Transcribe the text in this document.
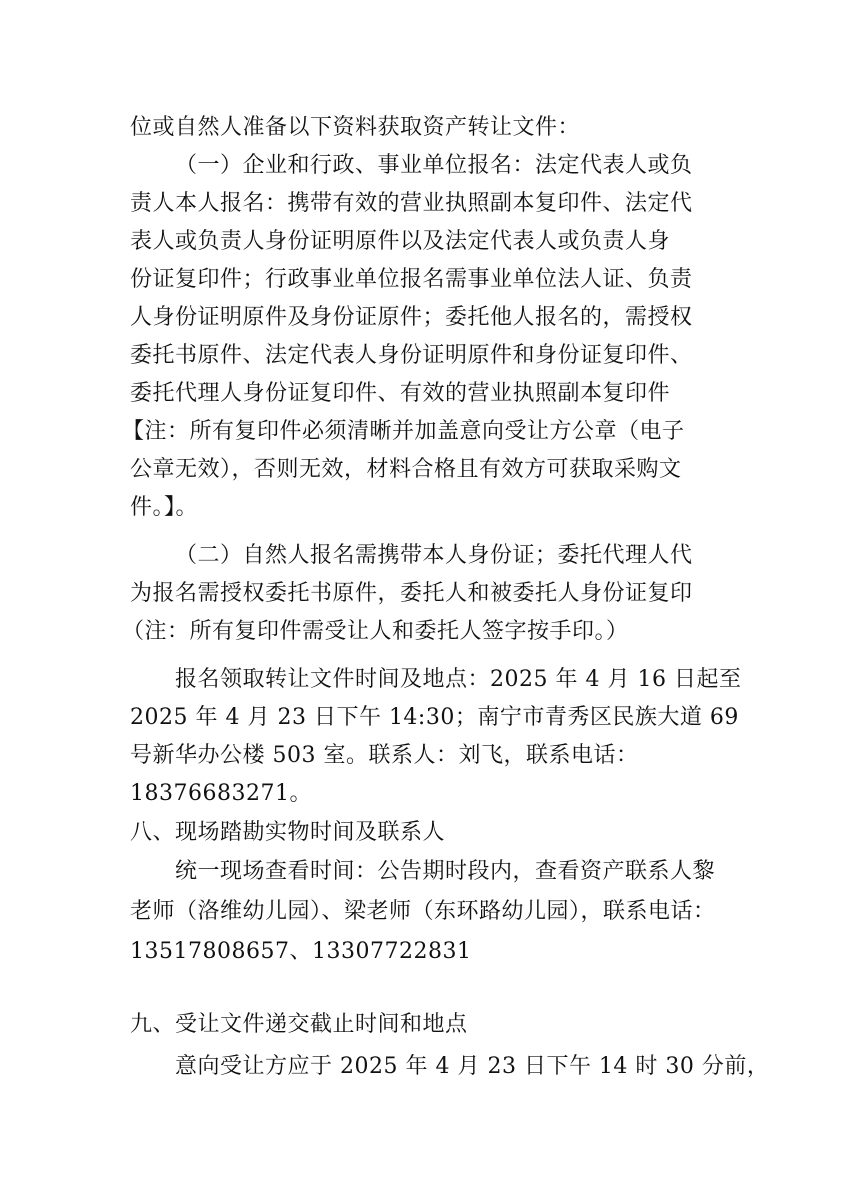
位或自然人准备以下资料获取资产转让文件：
（一）企业和行政、事业单位报名：法定代表人或负
责人本人报名：携带有效的营业执照副本复印件、法定代
表人或负责人身份证明原件以及法定代表人或负责人身
份证复印件；行政事业单位报名需事业单位法人证、负责
人身份证明原件及身份证原件；委托他人报名的，需授权
委托书原件、法定代表人身份证明原件和身份证复印件、
委托代理人身份证复印件、有效的营业执照副本复印件
【注：所有复印件必须清晰并加盖意向受让方公章（电子
公章无效），否则无效，材料合格且有效方可获取采购文
件。】。
（二）自然人报名需携带本人身份证；委托代理人代
为报名需授权委托书原件，委托人和被委托人身份证复印
（注：所有复印件需受让人和委托人签字按手印。）
报名领取转让文件时间及地点：2025 年 4 月 16 日起至
2025 年 4 月 23 日下午 14:30；南宁市青秀区民族大道 69
号新华办公楼 503 室。联系人：刘飞，联系电话：
18376683271。
八、现场踏勘实物时间及联系人
统一现场查看时间：公告期时段内，查看资产联系人黎
老师（洛维幼儿园）、梁老师（东环路幼儿园），联系电话：
13517808657、13307722831
九、受让文件递交截止时间和地点
意向受让方应于 2025 年 4 月 23 日下午 14 时 30 分前，
